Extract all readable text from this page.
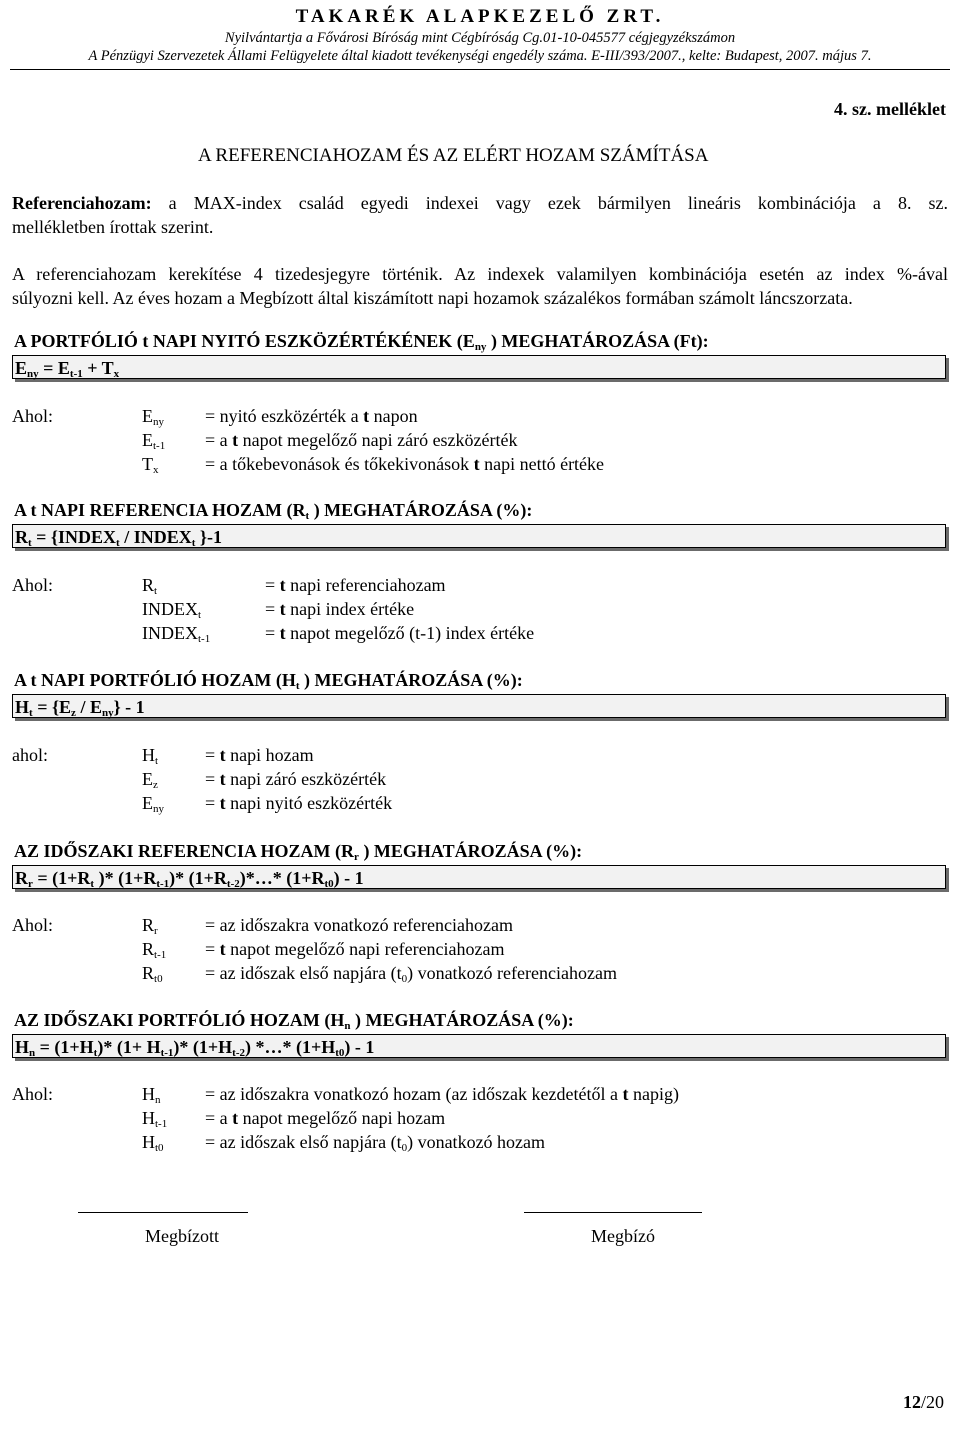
TAKARÉK ALAPKEZELŐ ZRT.
Nyilvántartja a Fővárosi Bíróság mint Cégbíróság Cg.01-10-045577 cégjegyzékszámon
A Pénzügyi Szervezetek Állami Felügyelete által kiadott tevékenységi engedély száma. E-III/393/2007., kelte: Budapest, 2007. május 7.
4. sz. melléklet
A REFERENCIAHOZAM ÉS AZ ELÉRT HOZAM SZÁMÍTÁSA
Referenciahozam: a MAX-index család egyedi indexei vagy ezek bármilyen lineáris kombinációja a 8. sz.
mellékletben írottak szerint.
A referenciahozam kerekítése 4 tizedesjegyre történik. Az indexek valamilyen kombinációja esetén az index %-ával
súlyozni kell. Az éves hozam a Megbízott által kiszámított napi hozamok százalékos formában számolt láncszorzata.
A PORTFÓLIÓ t NAPI NYITÓ ESZKÖZÉRTÉKÉNEK ($E_{ny}$ ) MEGHATÁROZÁSA (Ft):
$E_{ny} = E_{t-1} + T_x$
Ahol:	$E_{ny}$ = nyitó eszközérték a t napon
$E_{t-1} = a$ t napot megelőző napi záró eszközérték
$T_x$	= a tőkebevonások és tőkekivonások t napi nettó értéke
A t NAPI REFERENCIA HOZAM ($R_t$ ) MEGHATÁROZÁSA (%):
$R_t$ = {$INDEX_t$ / $INDEX_t$ }-1
Ahol:	$R_t$	= t napi referenciahozam
$INDEX_t$	= t napi index értéke
$INDEX_{t-1}$	= t napot megelőző (t-1) index értéke
A t NAPI PORTFÓLIÓ HOZAM ($H_t$ ) MEGHATÁROZÁSA (%):
$H_t = \{E_z / E_{ny}\} - 1$
ahol:	$H_t$	= t napi hozam
$E_z$	= t napi záró eszközérték
$E_{ny} = t$ napi nyitó eszközérték
AZ IDŐSZAKI REFERENCIA HOZAM ($R_r$ ) MEGHATÁROZÁSA (%):
$R_r = (1+R_t$ )* $(1+R_{t-1})*$ $(1+R_{t-2})*\dots*$ $(1+R_{t0}) - 1$
Ahol:	$R_r$	= az időszakra vonatkozó referenciahozam
$R_{t-1} = t$ napot megelőző napi referenciahozam
$R_{t0}$ = az időszak első napjára $(t_0)$ vonatkozó referenciahozam
AZ IDŐSZAKI PORTFÓLIÓ HOZAM ($H_n$ ) MEGHATÁROZÁSA (%):
$H_n = (1+H_t)*$ $(1+ H_{t-1})*$ $(1+H_{t-2})$ *…* $(1+H_{t0}) - 1$
Ahol:	$H_n$ = az időszakra vonatkozó hozam (az időszak kezdetétől a t napig)
$H_{t-1} = a$ t napot megelőző napi hozam
$H_{t0}$ = az időszak első napjára $(t_0)$ vonatkozó hozam
Megbízott	Megbízó
12/20
